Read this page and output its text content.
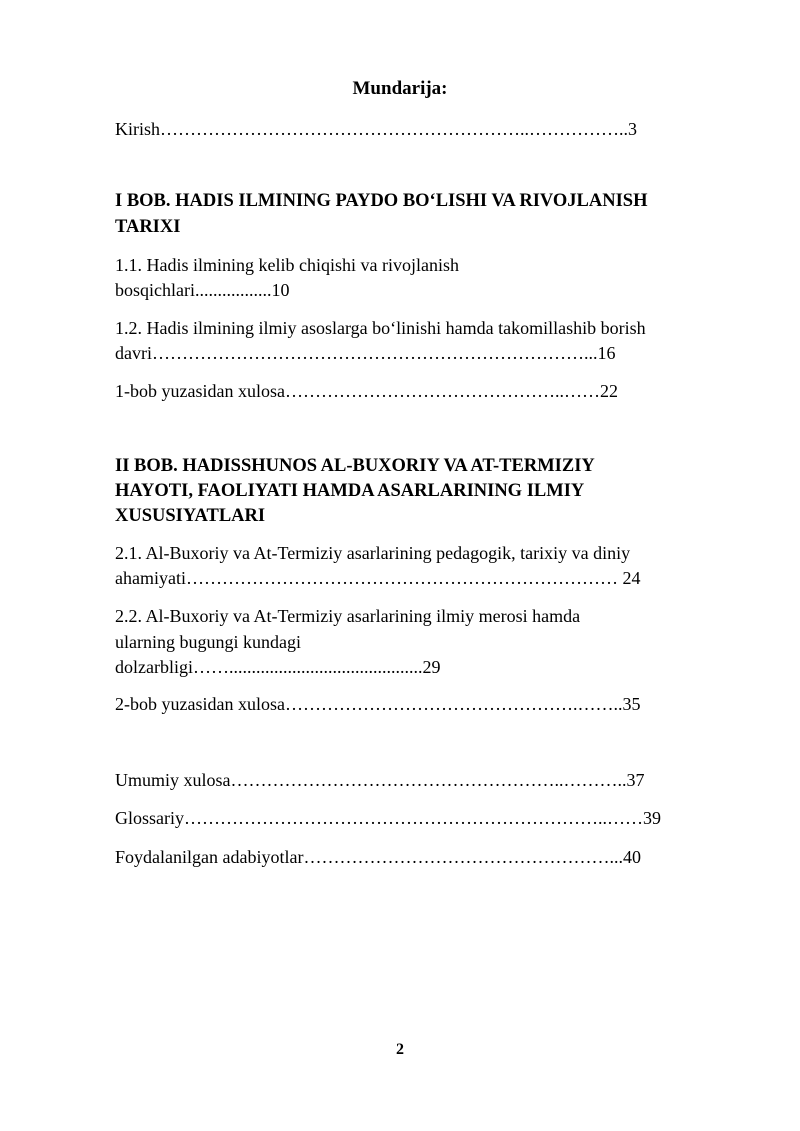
Mundarija:
Kirish……………………………………………………..……………..3
I BOB. HADIS ILMINING PAYDO BO‘LISHI VA RIVOJLANISH
TARIXI
1.1. Hadis ilmining kelib chiqishi va rivojlanish
bosqichlari.................10
1.2. Hadis ilmining ilmiy asoslarga bo‘linishi hamda takomillashib borish
davri………………………………………………………………...16
1-bob yuzasidan xulosa………………………………………..……22
II BOB. HADISSHUNOS AL-BUXORIY VA AT-TERMIZIY
HAYOTI, FAOLIYATI HAMDA ASARLARINING ILMIY
XUSUSIYATLARI
2.1. Al-Buxoriy va At-Termiziy asarlarining pedagogik, tarixiy va diniy
ahamiyati……………………………………………………………… 24
2.2. Al-Buxoriy va At-Termiziy asarlarining ilmiy merosi hamda
ularning bugungi kundagi
dolzarbligi……...........................................29
2-bob yuzasidan xulosa………………………………………….……..35
Umumiy xulosa………………………………………………..………..37
Glossariy……………………………………………………………..……39
Foydalanilgan adabiyotlar……………………………………………...40
2
